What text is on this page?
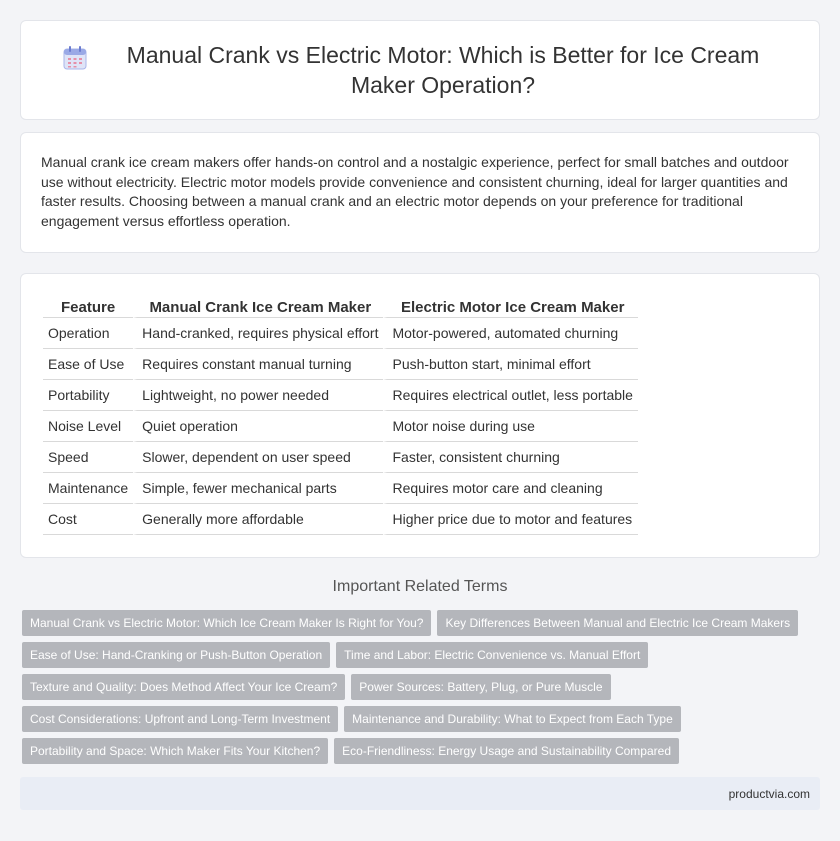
Manual Crank vs Electric Motor: Which is Better for Ice Cream Maker Operation?

Manual crank ice cream makers offer hands-on control and a nostalgic experience, perfect for small batches and outdoor use without electricity. Electric motor models provide convenience and consistent churning, ideal for larger quantities and faster results. Choosing between a manual crank and an electric motor depends on your preference for traditional engagement versus effortless operation.

Feature	Manual Crank Ice Cream Maker	Electric Motor Ice Cream Maker
Operation	Hand-cranked, requires physical effort	Motor-powered, automated churning
Ease of Use	Requires constant manual turning	Push-button start, minimal effort
Portability	Lightweight, no power needed	Requires electrical outlet, less portable
Noise Level	Quiet operation	Motor noise during use
Speed	Slower, dependent on user speed	Faster, consistent churning
Maintenance	Simple, fewer mechanical parts	Requires motor care and cleaning
Cost	Generally more affordable	Higher price due to motor and features
Important Related Terms
Manual Crank vs Electric Motor: Which Ice Cream Maker Is Right for You?	Key Differences Between Manual and Electric Ice Cream Makers
Ease of Use: Hand-Cranking or Push-Button Operation	Time and Labor: Electric Convenience vs. Manual Effort
Texture and Quality: Does Method Affect Your Ice Cream?	Power Sources: Battery, Plug, or Pure Muscle
Cost Considerations: Upfront and Long-Term Investment	Maintenance and Durability: What to Expect from Each Type
Portability and Space: Which Maker Fits Your Kitchen?	Eco-Friendliness: Energy Usage and Sustainability Compared
productvia.com
